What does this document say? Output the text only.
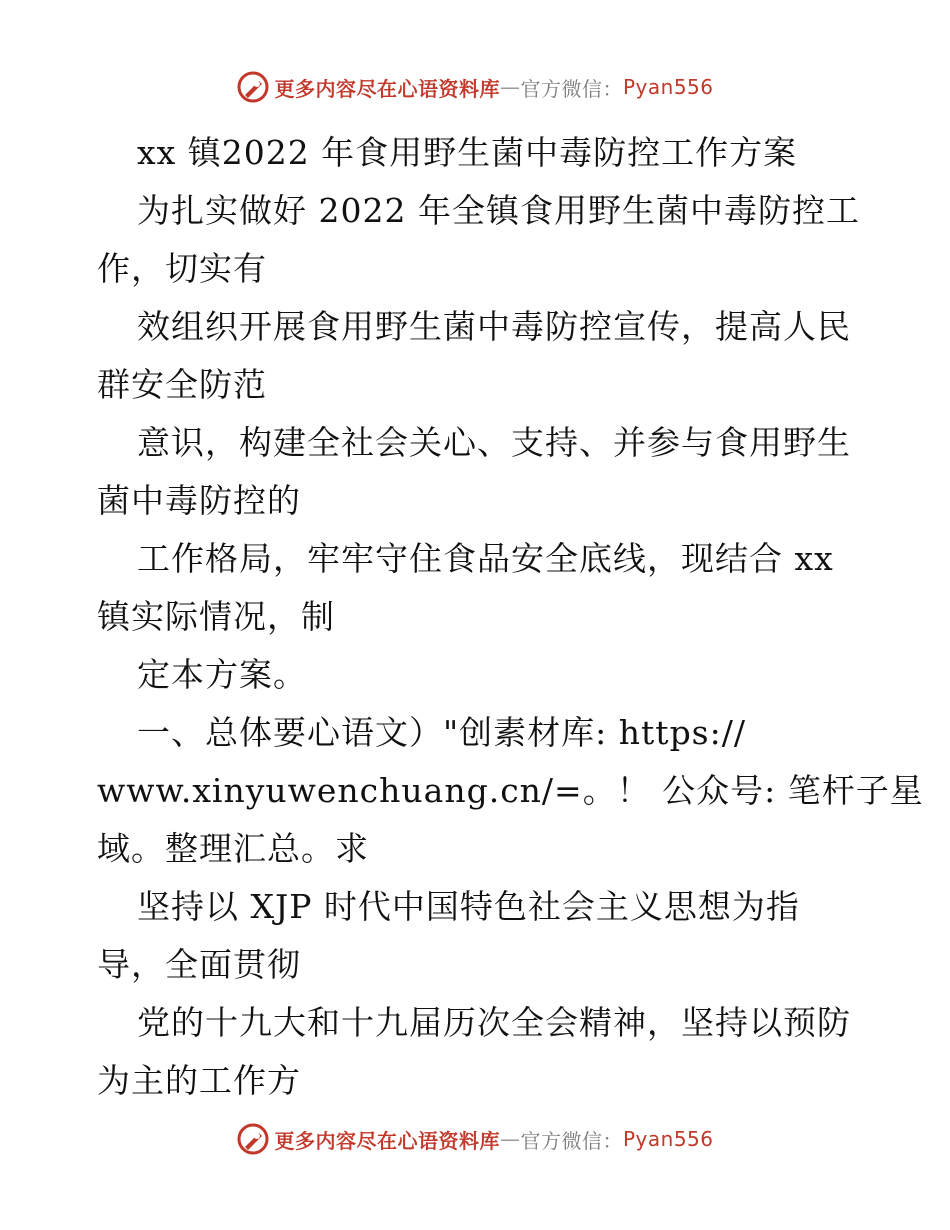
更多内容尽在心语资料库 — 官方微信： Pyan556
xx 镇2022 年食用野生菌中毒防控工作方案
为扎实做好 2022 年全镇食用野生菌中毒防控工
作，切实有
效组织开展食用野生菌中毒防控宣传，提高人民
群安全防范
意识，构建全社会关心、支持、并参与食用野生
菌中毒防控的
工作格局，牢牢守住食品安全底线，现结合 xx
镇实际情况，制
定本方案。
一、总体要心语文）"创素材库: https://
www.xinyuwenchuang.cn/=。！ 公众号: 笔杆子星
域。整理汇总。求
坚持以 XJP 时代中国特色社会主义思想为指
导，全面贯彻
党的十九大和十九届历次全会精神，坚持以预防
为主的工作方
更多内容尽在心语资料库 — 官方微信： Pyan556
